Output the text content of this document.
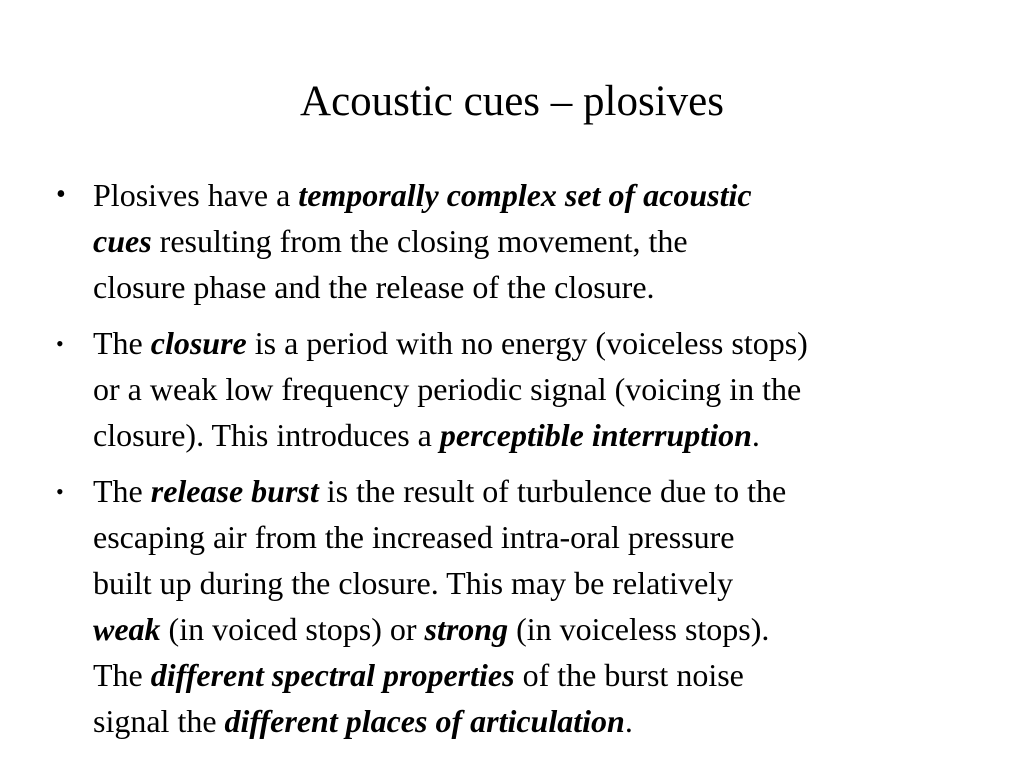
Acoustic cues – plosives
• Plosives have a temporally complex set of acoustic
cues resulting from the closing movement, the
closure phase and the release of the closure.
• The closure is a period with no energy (voiceless stops)
or a weak low frequency periodic signal (voicing in the
closure). This introduces a perceptible interruption.
• The release burst is the result of turbulence due to the
escaping air from the increased intra-oral pressure
built up during the closure. This may be relatively
weak (in voiced stops) or strong (in voiceless stops).
The different spectral properties of the burst noise
signal the different places of articulation.
